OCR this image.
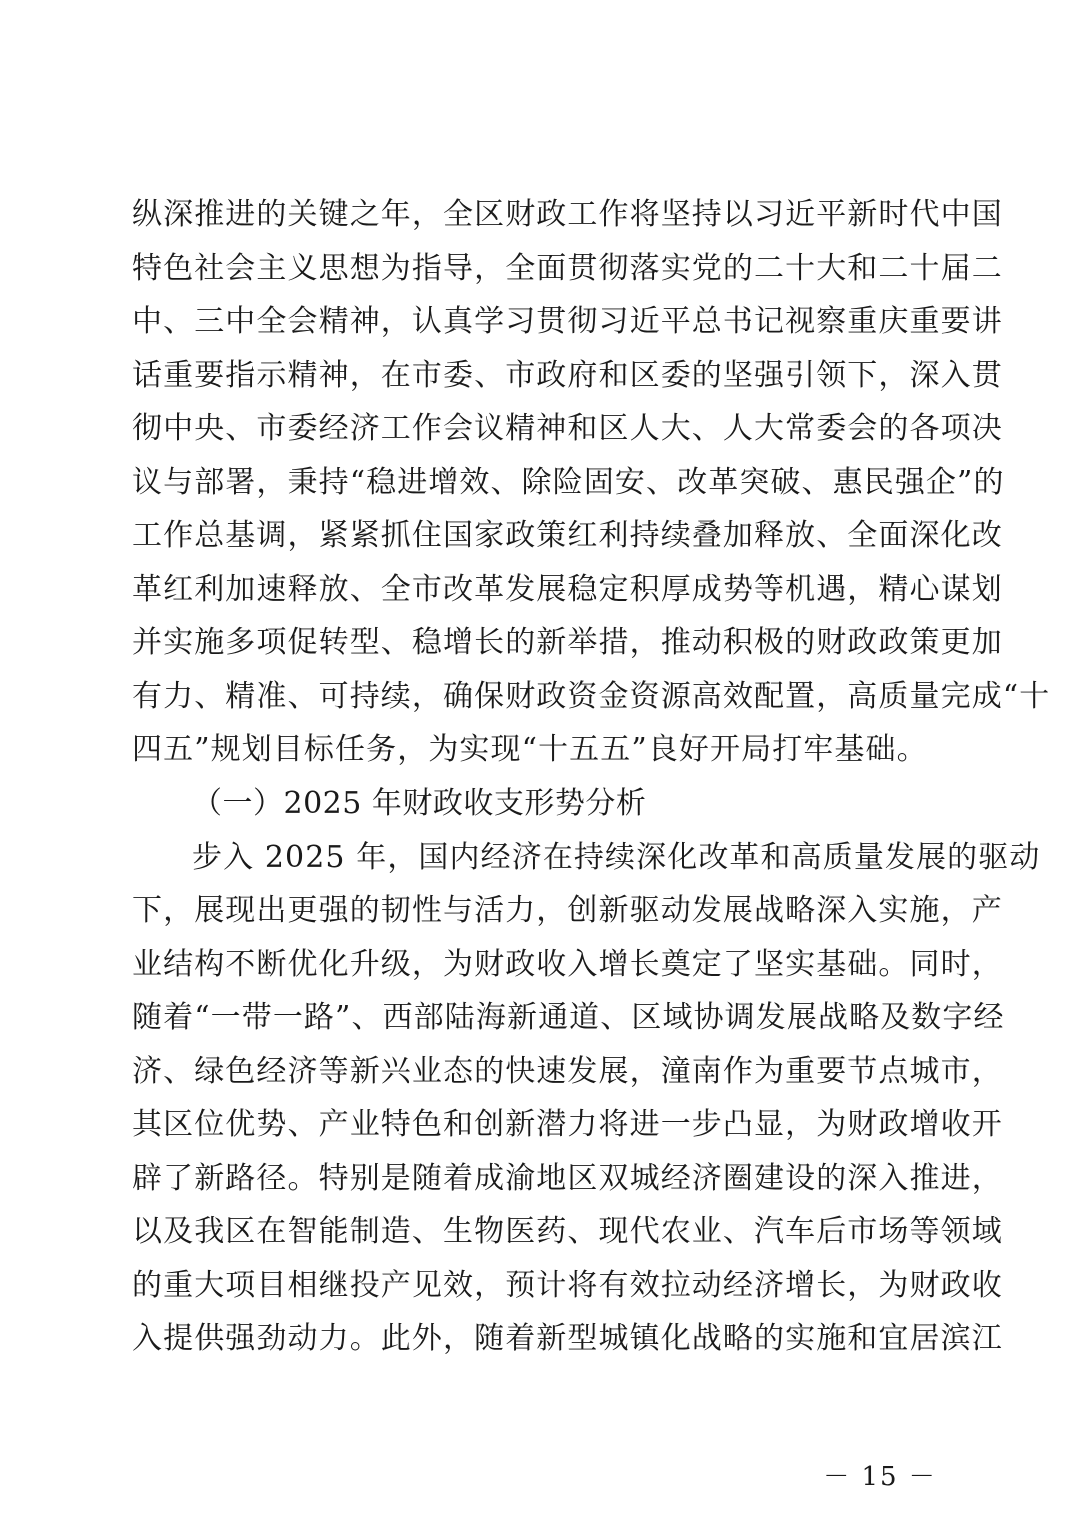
纵深推进的关键之年，全区财政工作将坚持以习近平新时代中国
特色社会主义思想为指导，全面贯彻落实党的二十大和二十届二
中、三中全会精神，认真学习贯彻习近平总书记视察重庆重要讲
话重要指示精神，在市委、市政府和区委的坚强引领下，深入贯
彻中央、市委经济工作会议精神和区人大、人大常委会的各项决
议与部署，秉持“稳进增效、除险固安、改革突破、惠民强企”的
工作总基调，紧紧抓住国家政策红利持续叠加释放、全面深化改
革红利加速释放、全市改革发展稳定积厚成势等机遇，精心谋划
并实施多项促转型、稳增长的新举措，推动积极的财政政策更加
有力、精准、可持续，确保财政资金资源高效配置，高质量完成“十
四五”规划目标任务，为实现“十五五”良好开局打牢基础。
（一）2025 年财政收支形势分析
步入 2025 年，国内经济在持续深化改革和高质量发展的驱动
下，展现出更强的韧性与活力，创新驱动发展战略深入实施，产
业结构不断优化升级，为财政收入增长奠定了坚实基础。同时，
随着“一带一路”、西部陆海新通道、区域协调发展战略及数字经
济、绿色经济等新兴业态的快速发展，潼南作为重要节点城市，
其区位优势、产业特色和创新潜力将进一步凸显，为财政增收开
辟了新路径。特别是随着成渝地区双城经济圈建设的深入推进，
以及我区在智能制造、生物医药、现代农业、汽车后市场等领域
的重大项目相继投产见效，预计将有效拉动经济增长，为财政收
入提供强劲动力。此外，随着新型城镇化战略的实施和宜居滨江
－ 15 －
